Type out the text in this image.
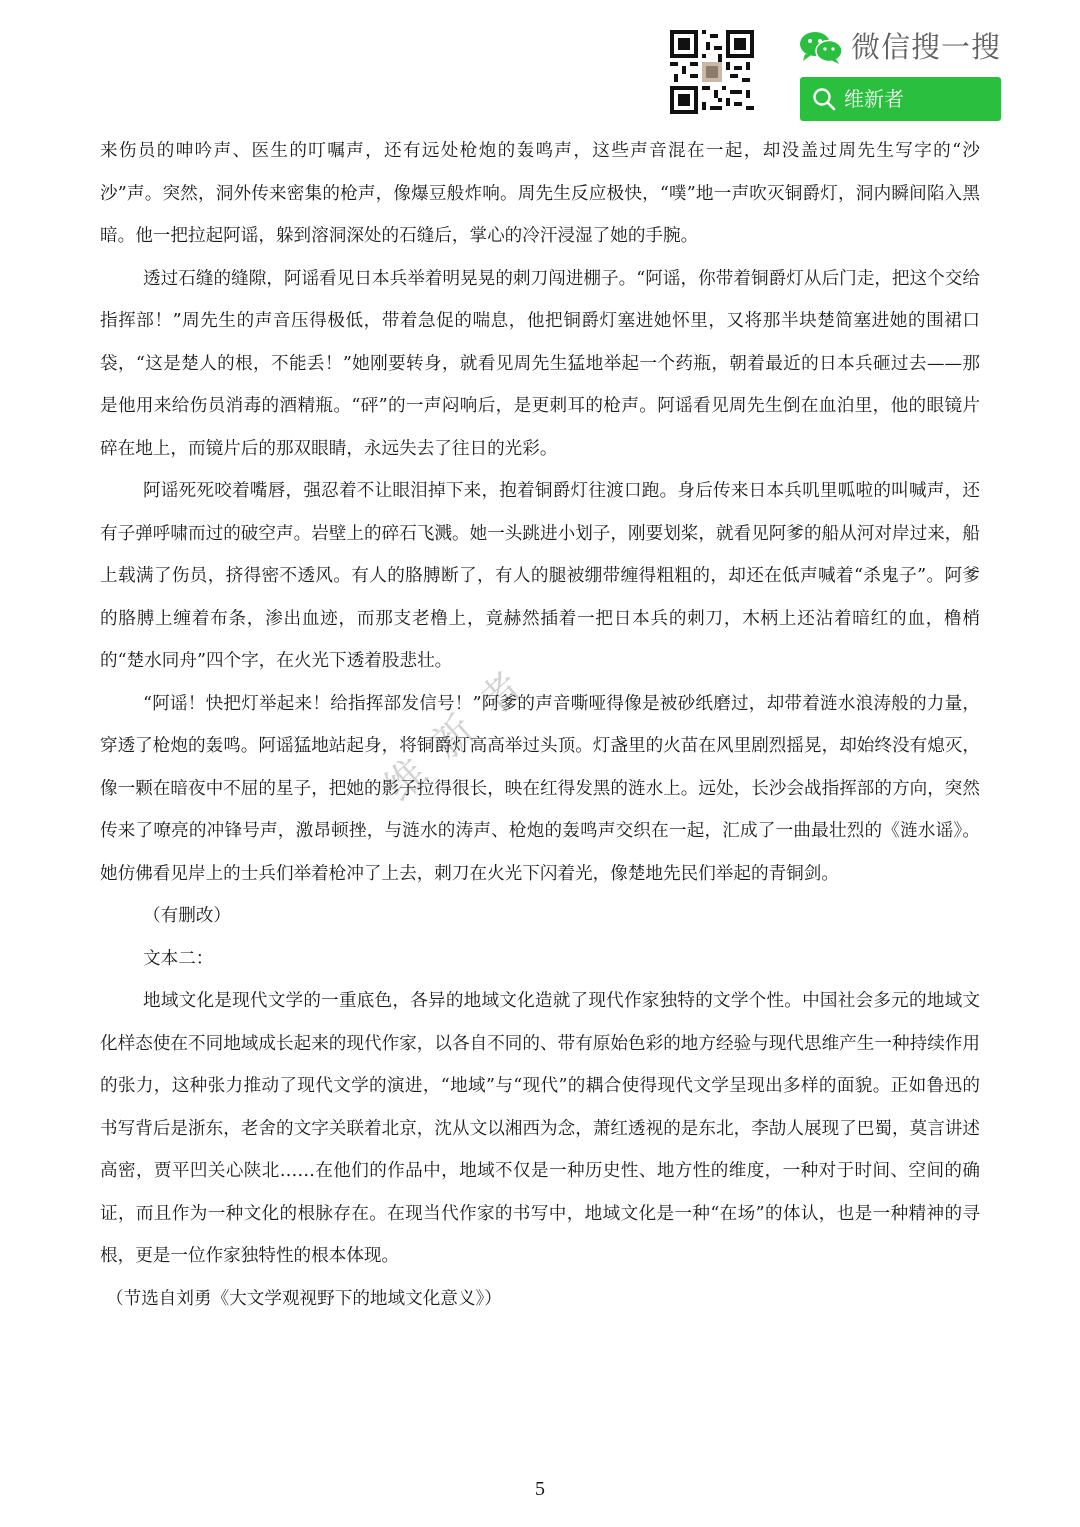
微信搜一搜
维新者
维新者

来伤员的呻吟声、医生的叮嘱声，还有远处枪炮的轰鸣声，这些声音混在一起，却没盖过周先生写字的“沙沙”声。突然，洞外传来密集的枪声，像爆豆般炸响。周先生反应极快，“噗”地一声吹灭铜爵灯，洞内瞬间陷入黑暗。他一把拉起阿谣，躲到溶洞深处的石缝后，掌心的冷汗浸湿了她的手腕。

透过石缝的缝隙，阿谣看见日本兵举着明晃晃的刺刀闯进棚子。“阿谣，你带着铜爵灯从后门走，把这个交给指挥部！”周先生的声音压得极低，带着急促的喘息，他把铜爵灯塞进她怀里，又将那半块楚简塞进她的围裙口袋，“这是楚人的根，不能丢！”她刚要转身，就看见周先生猛地举起一个药瓶，朝着最近的日本兵砸过去——那是他用来给伤员消毒的酒精瓶。“砰”的一声闷响后，是更刺耳的枪声。阿谣看见周先生倒在血泊里，他的眼镜片碎在地上，而镜片后的那双眼睛，永远失去了往日的光彩。

阿谣死死咬着嘴唇，强忍着不让眼泪掉下来，抱着铜爵灯往渡口跑。身后传来日本兵叽里呱啦的叫喊声，还有子弹呼啸而过的破空声。岩壁上的碎石飞溅。她一头跳进小划子，刚要划桨，就看见阿爹的船从河对岸过来，船上载满了伤员，挤得密不透风。有人的胳膊断了，有人的腿被绷带缠得粗粗的，却还在低声喊着“杀鬼子”。阿爹的胳膊上缠着布条，渗出血迹，而那支老橹上，竟赫然插着一把日本兵的刺刀，木柄上还沾着暗红的血，橹梢的“楚水同舟”四个字，在火光下透着股悲壮。

“阿谣！快把灯举起来！给指挥部发信号！”阿爹的声音嘶哑得像是被砂纸磨过，却带着涟水浪涛般的力量，穿透了枪炮的轰鸣。阿谣猛地站起身，将铜爵灯高高举过头顶。灯盏里的火苗在风里剧烈摇晃，却始终没有熄灭，像一颗在暗夜中不屈的星子，把她的影子拉得很长，映在红得发黑的涟水上。远处，长沙会战指挥部的方向，突然传来了嘹亮的冲锋号声，激昂顿挫，与涟水的涛声、枪炮的轰鸣声交织在一起，汇成了一曲最壮烈的《涟水谣》。她仿佛看见岸上的士兵们举着枪冲了上去，刺刀在火光下闪着光，像楚地先民们举起的青铜剑。

（有删改）

文本二：

地域文化是现代文学的一重底色，各异的地域文化造就了现代作家独特的文学个性。中国社会多元的地域文化样态使在不同地域成长起来的现代作家，以各自不同的、带有原始色彩的地方经验与现代思维产生一种持续作用的张力，这种张力推动了现代文学的演进，“地域”与“现代”的耦合使得现代文学呈现出多样的面貌。正如鲁迅的书写背后是浙东，老舍的文字关联着北京，沈从文以湘西为念，萧红透视的是东北，李劼人展现了巴蜀，莫言讲述高密，贾平凹关心陕北……在他们的作品中，地域不仅是一种历史性、地方性的维度，一种对于时间、空间的确证，而且作为一种文化的根脉存在。在现当代作家的书写中，地域文化是一种“在场”的体认，也是一种精神的寻根，更是一位作家独特性的根本体现。

（节选自刘勇《大文学观视野下的地域文化意义》）

5
